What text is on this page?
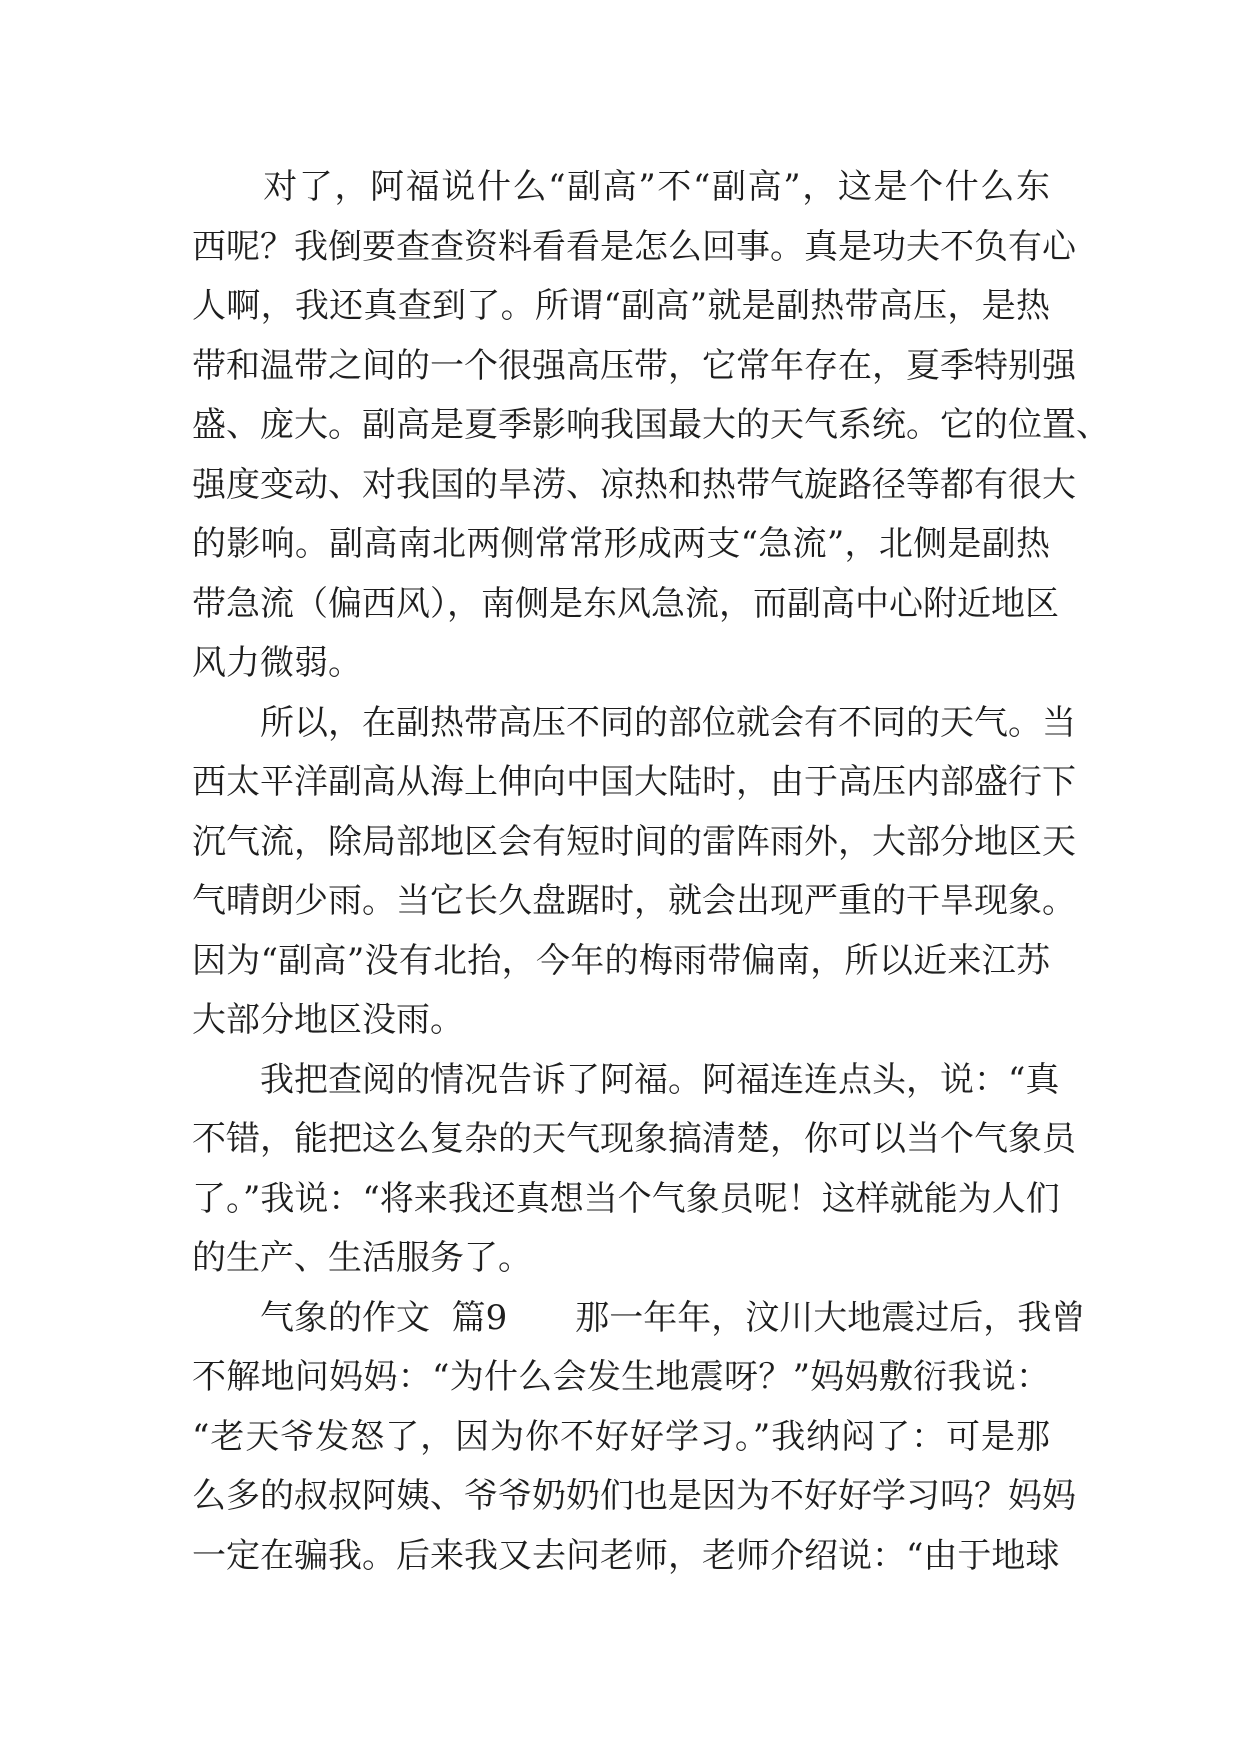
　　对了，阿福说什么“副高”不“副高”，这是个什么东
西呢？我倒要查查资料看看是怎么回事。真是功夫不负有心
人啊，我还真查到了。所谓“副高”就是副热带高压，是热
带和温带之间的一个很强高压带，它常年存在，夏季特别强
盛、庞大。副高是夏季影响我国最大的天气系统。它的位置、
强度变动、对我国的旱涝、凉热和热带气旋路径等都有很大
的影响。副高南北两侧常常形成两支“急流”，北侧是副热
带急流（偏西风），南侧是东风急流，而副高中心附近地区
风力微弱。
　　所以，在副热带高压不同的部位就会有不同的天气。当
西太平洋副高从海上伸向中国大陆时，由于高压内部盛行下
沉气流，除局部地区会有短时间的雷阵雨外，大部分地区天
气晴朗少雨。当它长久盘踞时，就会出现严重的干旱现象。
因为“副高”没有北抬，今年的梅雨带偏南，所以近来江苏
大部分地区没雨。
　　我把查阅的情况告诉了阿福。阿福连连点头，说：“真
不错，能把这么复杂的天气现象搞清楚，你可以当个气象员
了。”我说：“将来我还真想当个气象员呢！这样就能为人们
的生产、生活服务了。
　　气象的作文  篇9　　那一年年，汶川大地震过后，我曾
不解地问妈妈：“为什么会发生地震呀？”妈妈敷衍我说：
“老天爷发怒了，因为你不好好学习。”我纳闷了：可是那
么多的叔叔阿姨、爷爷奶奶们也是因为不好好学习吗？妈妈
一定在骗我。后来我又去问老师，老师介绍说：“由于地球
